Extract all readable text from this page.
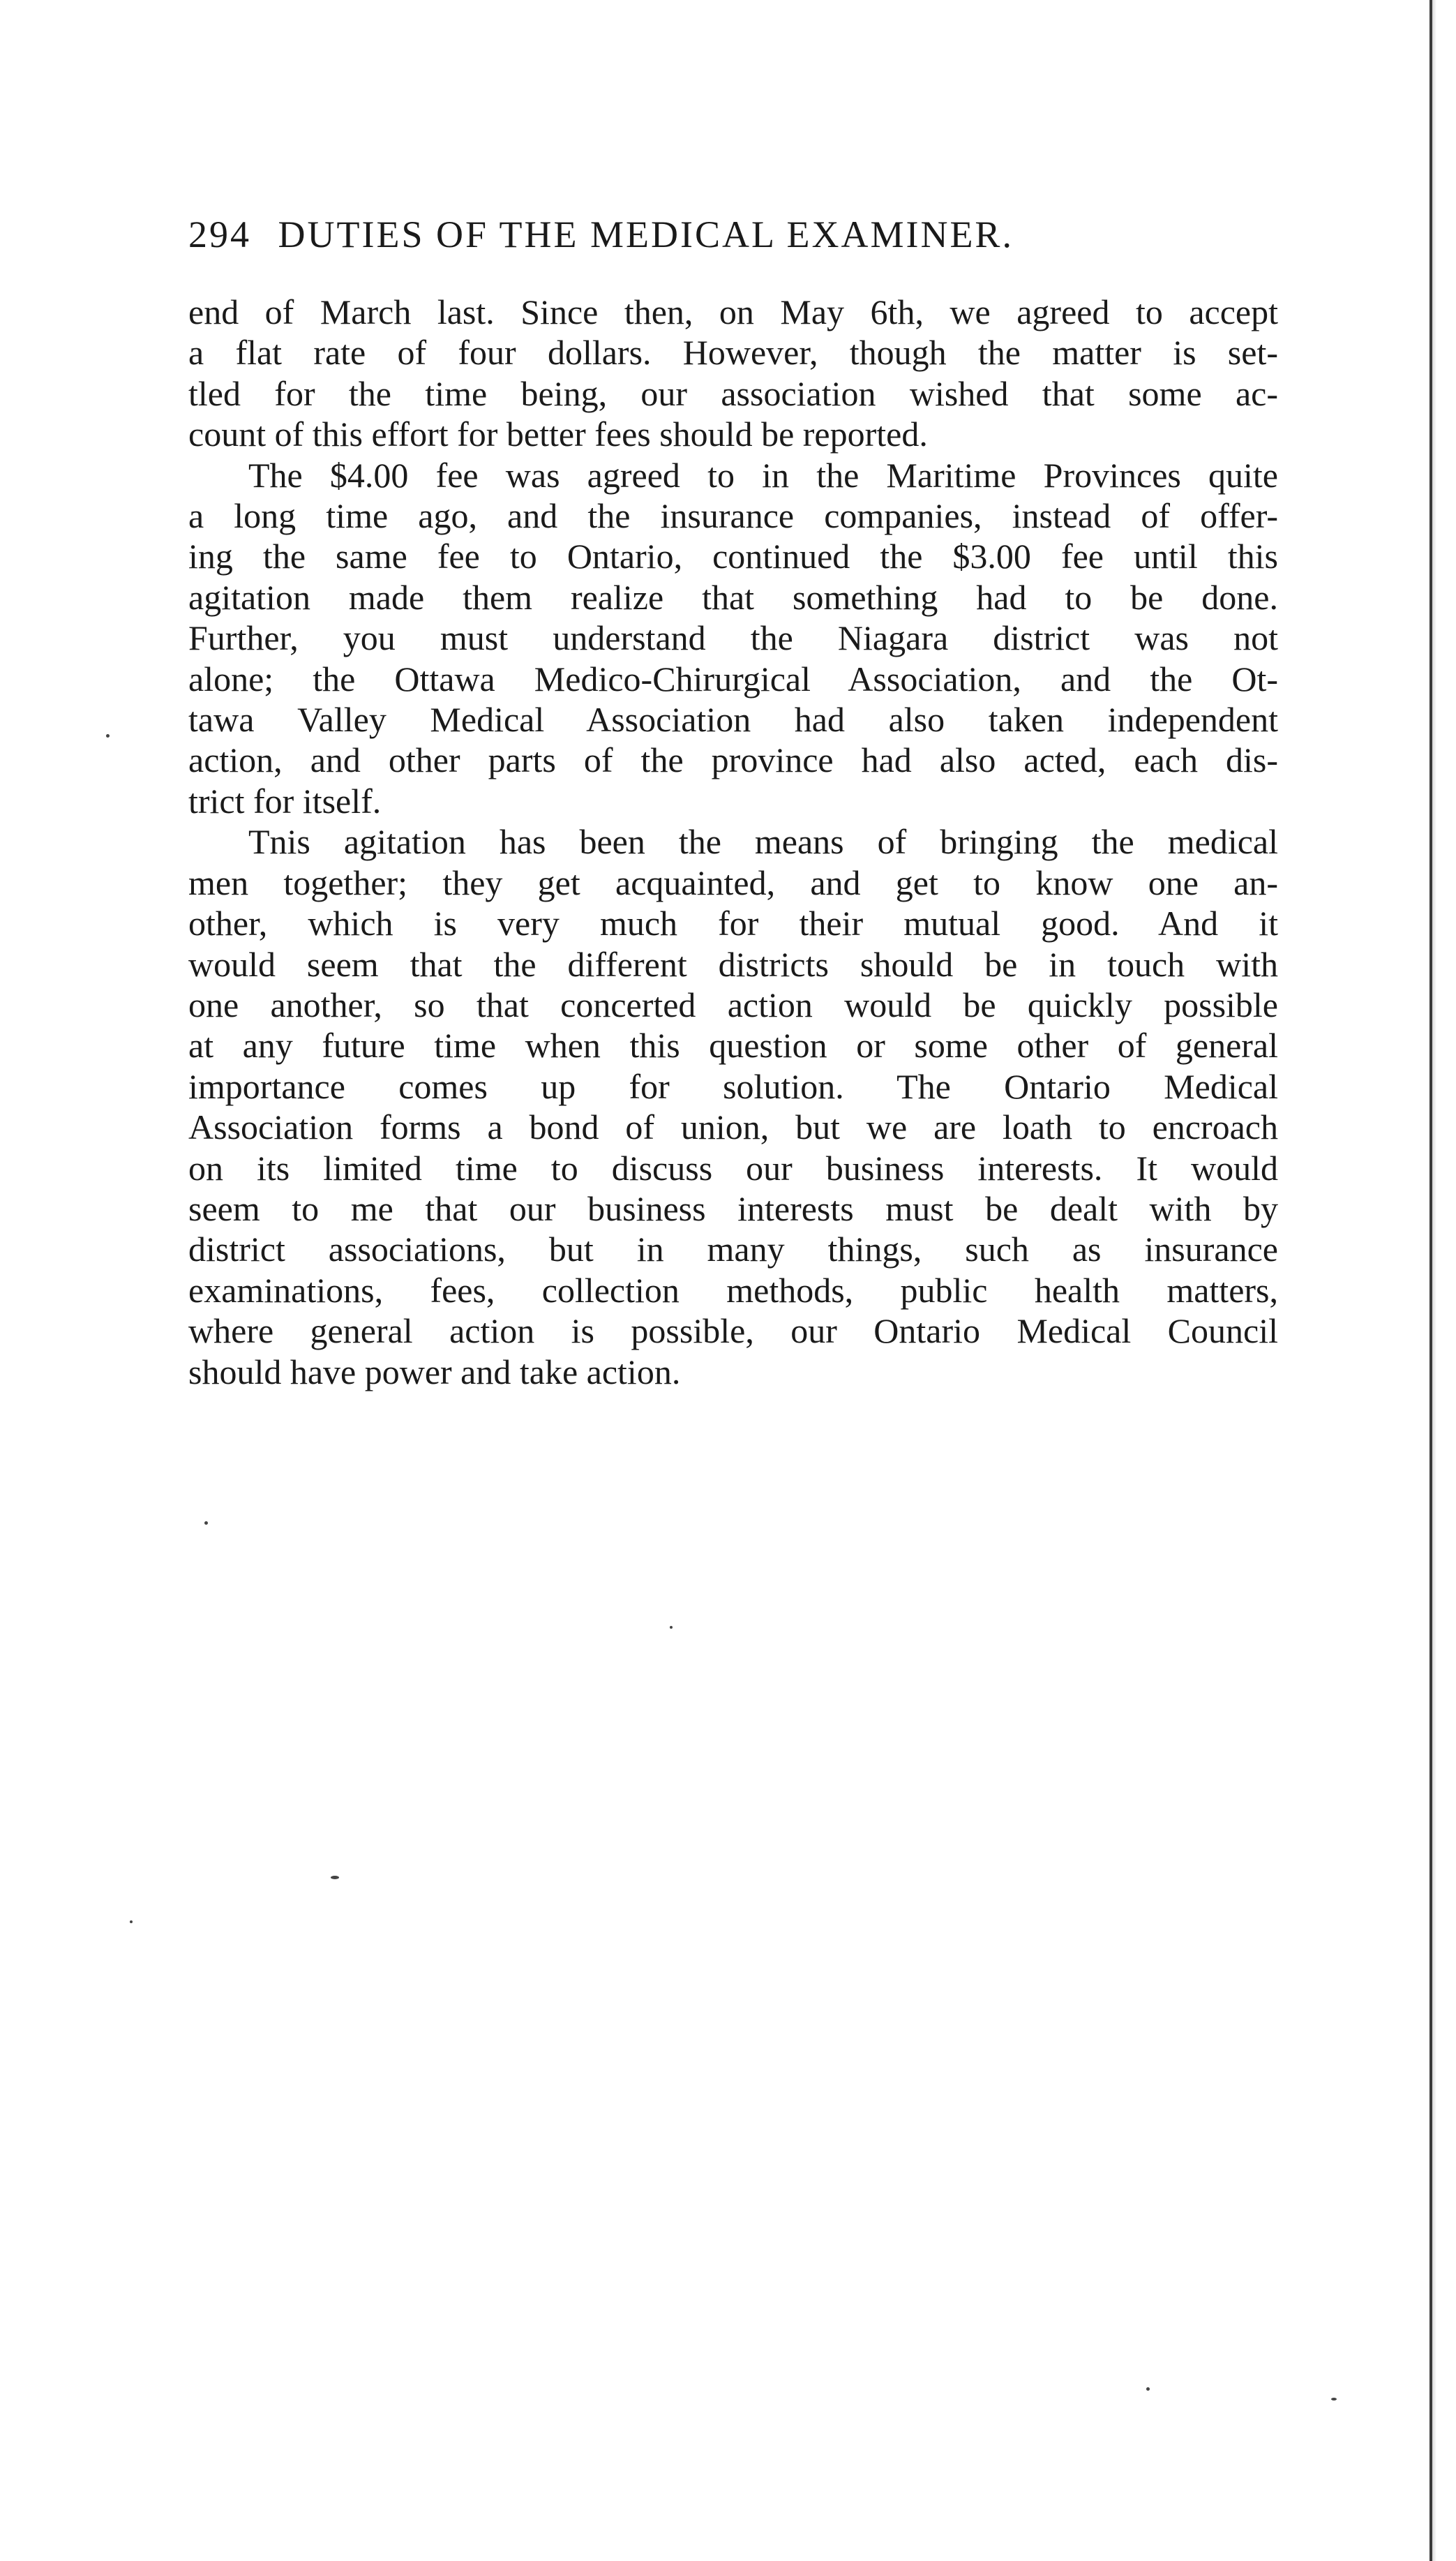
294 DUTIES OF THE MEDICAL EXAMINER.

end of March last. Since then, on May 6th, we agreed to accept
a flat rate of four dollars. However, though the matter is set-
tled for the time being, our association wished that some ac-
count of this effort for better fees should be reported.

The $4.00 fee was agreed to in the Maritime Provinces quite
a long time ago, and the insurance companies, instead of offer-
ing the same fee to Ontario, continued the $3.00 fee until this
agitation made them realize that something had to be done.
Further, you must understand the Niagara district was not
alone; the Ottawa Medico-Chirurgical Association, and the Ot-
tawa Valley Medical Association had also taken independent
action, and other parts of the province had also acted, each dis-
trict for itself.

Tnis agitation has been the means of bringing the medical
men together; they get acquainted, and get to know one an-
other, which is very much for their mutual good. And it
would seem that the different districts should be in touch with
one another, so that concerted action would be quickly possible
at any future time when this question or some other of general
importance comes up for solution. The Ontario Medical
Association forms a bond of union, but we are loath to encroach
on its limited time to discuss our business interests. It would
seem to me that our business interests must be dealt with by
district associations, but in many things, such as insurance
examinations, fees, collection methods, public health matters,
where general action is possible, our Ontario Medical Council
should have power and take action.
